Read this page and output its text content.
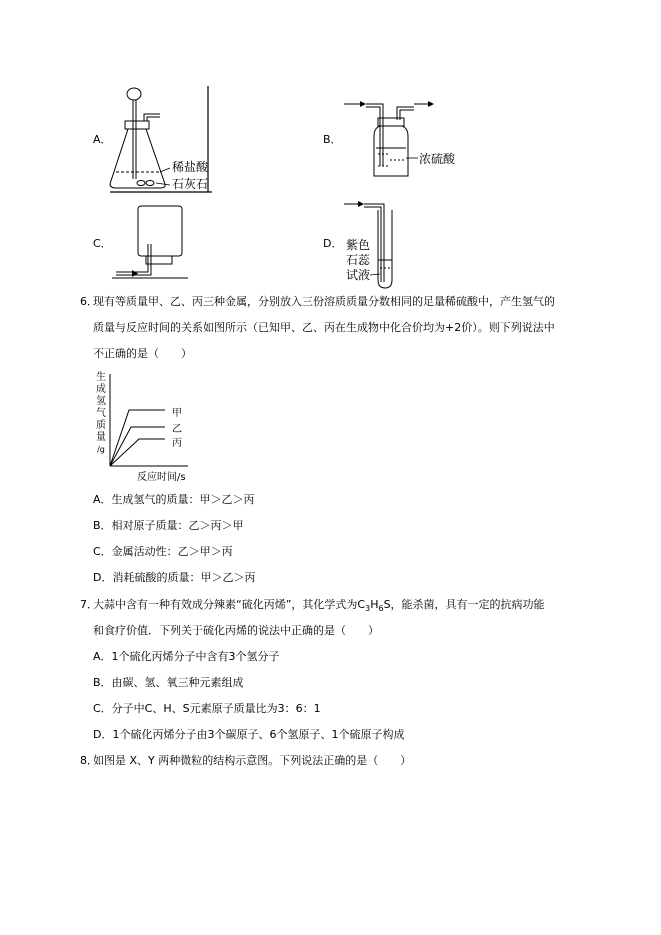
A．
稀盐酸
石灰石
B．
浓硫酸
C．	D． 紫色
石蕊
试液
6．
现有等质量甲、乙、丙三种金属，分别放入三份溶质质量分数相同的足量稀硫酸中，产生氢气的
质量与反应时间的关系如图所示（已知甲、乙、丙在生成物中化合价均为+2价）。则下列说法中
不正确的是（　　）
生
成
氢
气
质
量
/g
甲
乙
丙
反应时间/s
A．生成氢气的质量：甲＞乙＞丙
B．相对原子质量：乙＞丙＞甲
C．金属活动性：乙＞甲＞丙
D．消耗硫酸的质量：甲＞乙＞丙
7．
大蒜中含有一种有效成分辣素“硫化丙烯”，其化学式为$C_3H_6S$，能杀菌，具有一定的抗病功能
和食疗价值．下列关于硫化丙烯的说法中正确的是（　　）
A．1个硫化丙烯分子中含有3个氢分子
B．由碳、氢、氧三种元素组成
C．分子中C、H、S元素原子质量比为3：6：1
D．1个硫化丙烯分子由3个碳原子、6个氢原子、1个硫原子构成
8．
如图是 X、Y 两种微粒的结构示意图。下列说法正确的是（　　）
